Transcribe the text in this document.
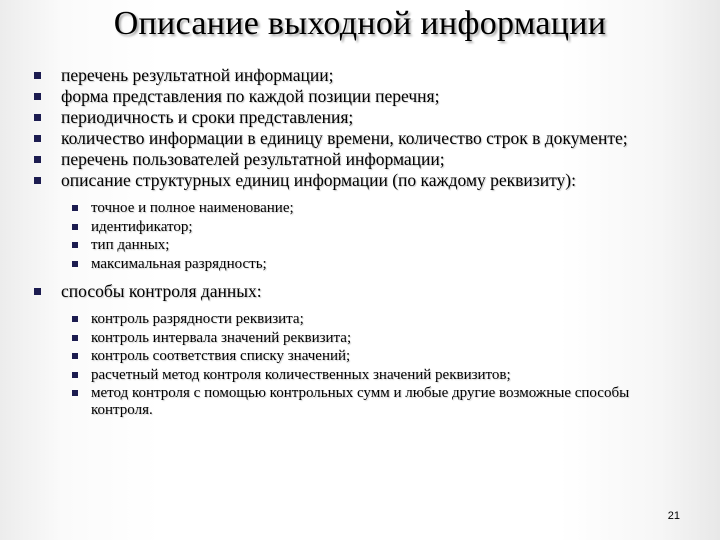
Описание выходной информации
перечень результатной информации;
форма представления по каждой позиции перечня;
периодичность и сроки представления;
количество информации в единицу времени, количество строк в документе;
перечень пользователей результатной информации;
описание структурных единиц информации (по каждому реквизиту):
точное и полное наименование;
идентификатор;
тип данных;
максимальная разрядность;
способы контроля данных:
контроль разрядности реквизита;
контроль интервала значений реквизита;
контроль соответствия списку значений;
расчетный метод контроля количественных значений реквизитов;
метод контроля с помощью контрольных сумм и любые другие возможные способы контроля.
21
